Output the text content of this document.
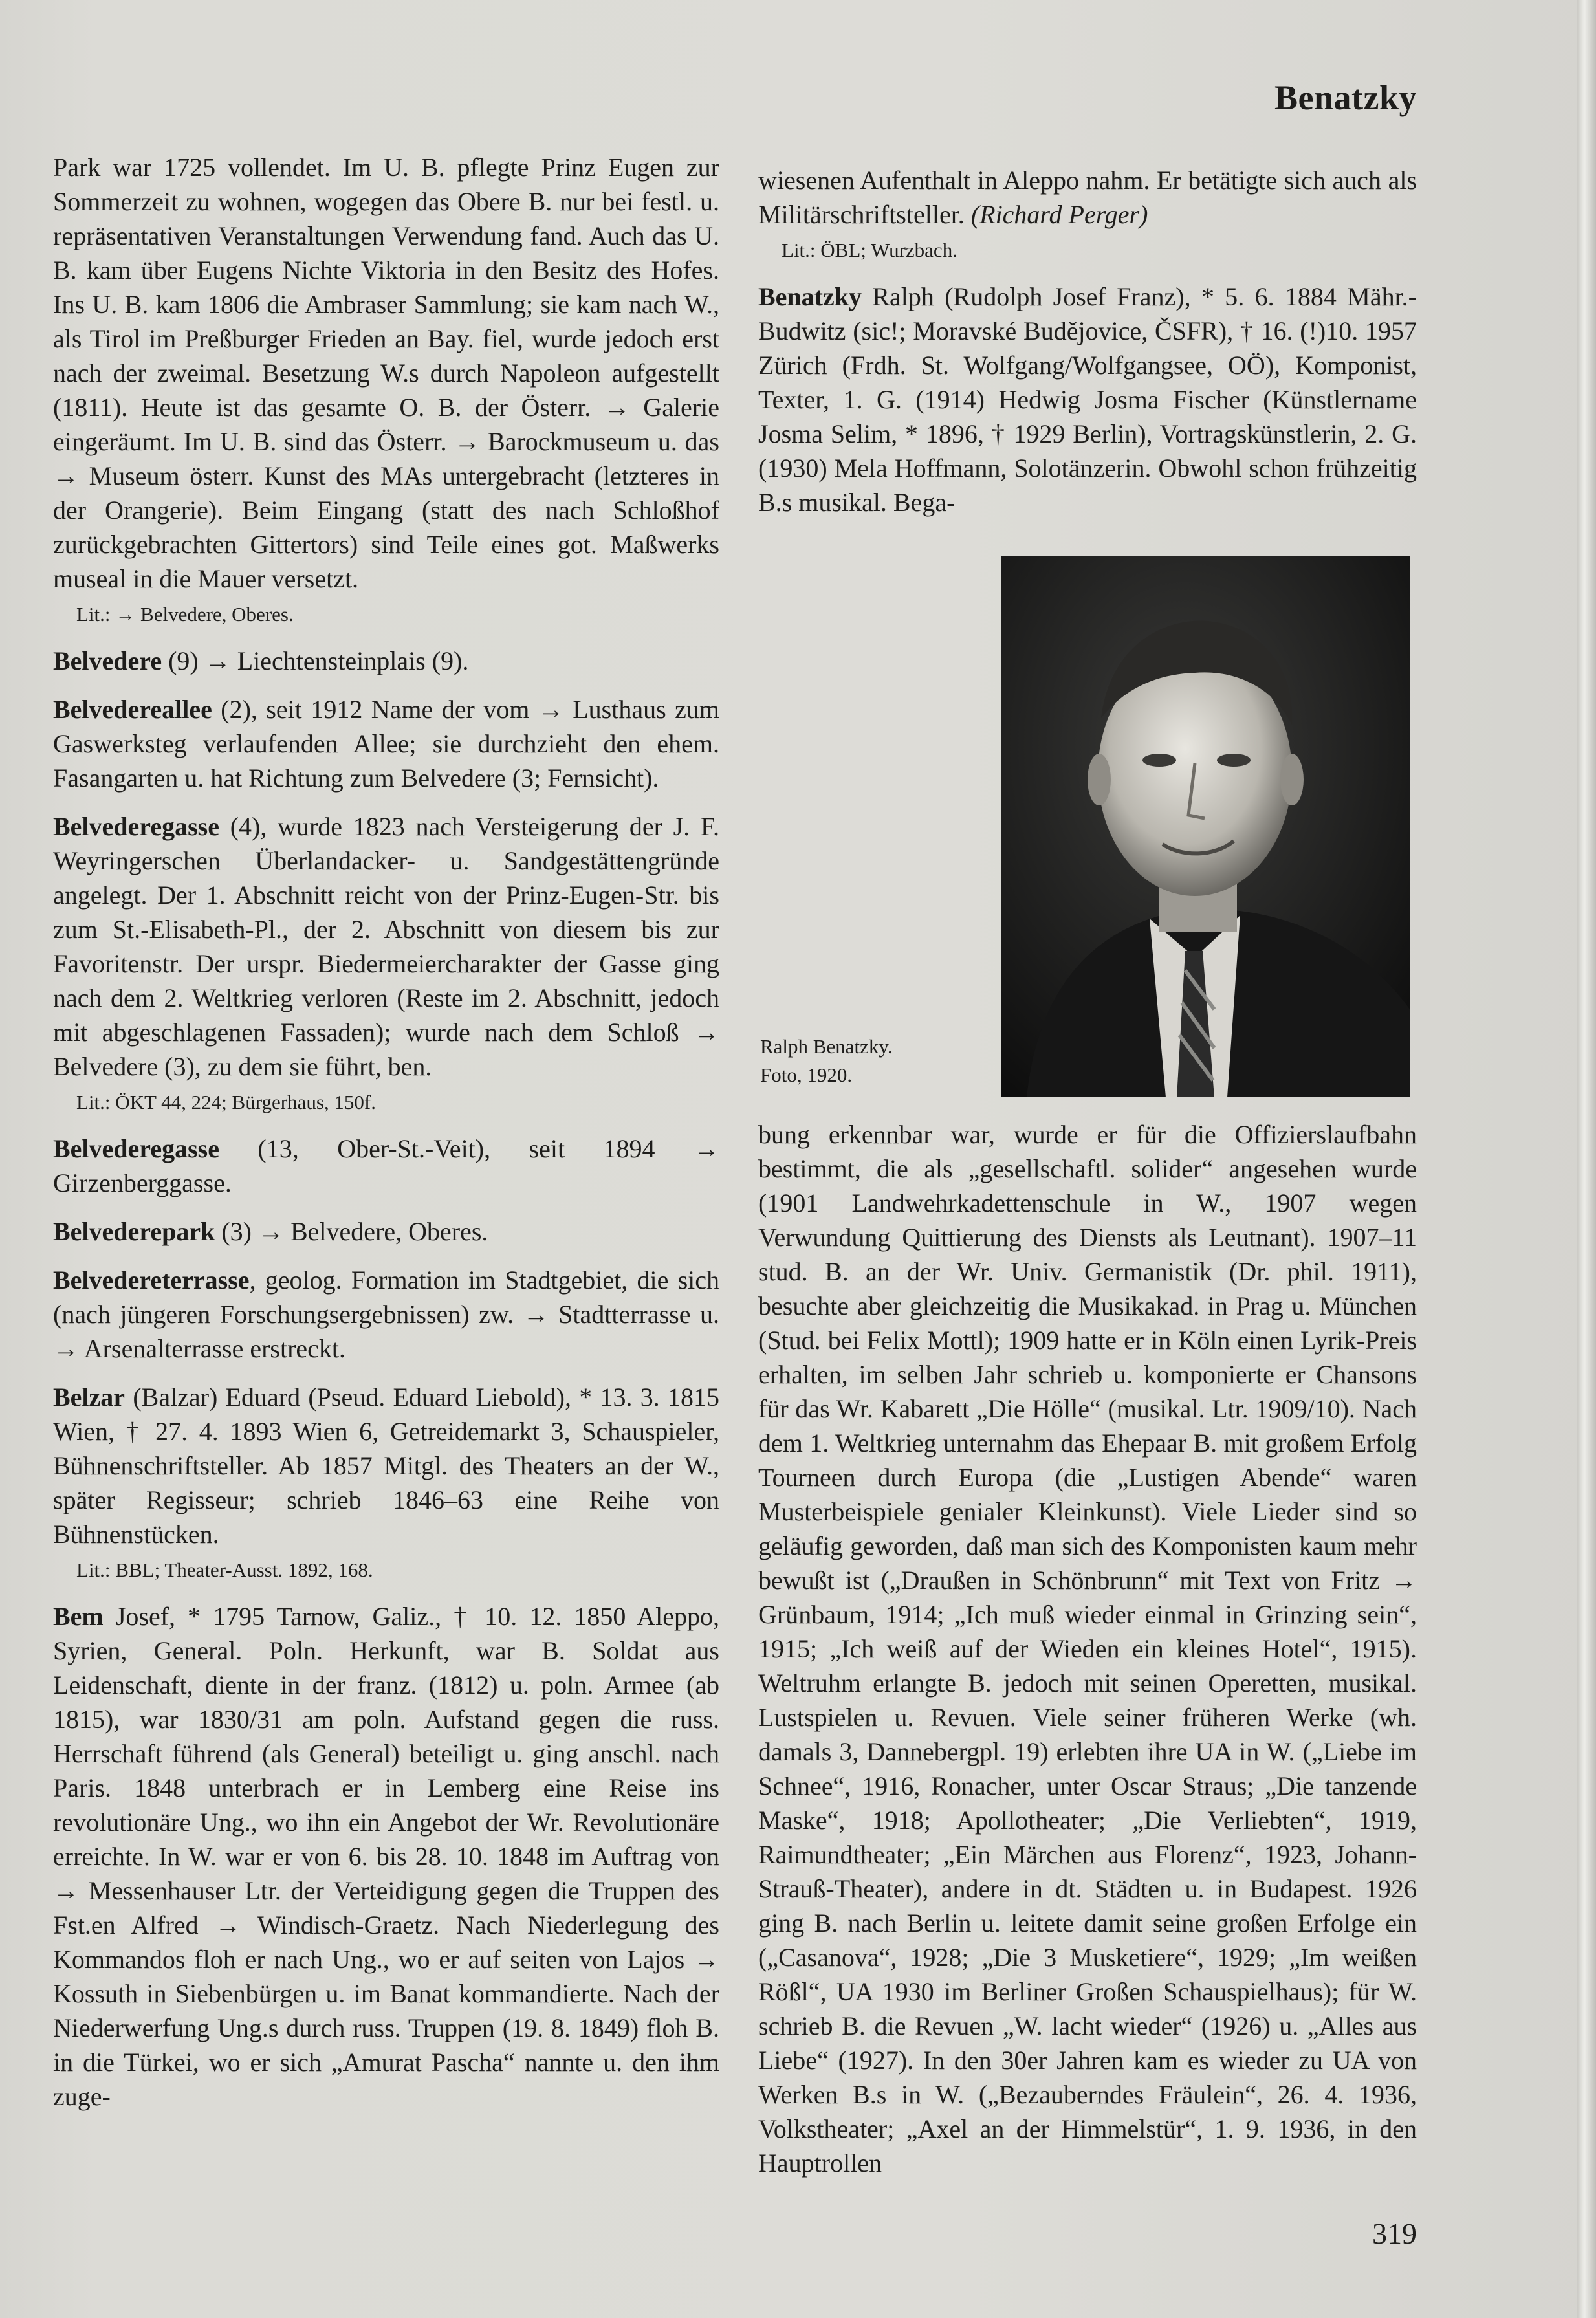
Benatzky

Park war 1725 vollendet. Im U. B. pflegte Prinz Eugen zur Sommerzeit zu wohnen, wogegen das Obere B. nur bei festl. u. repräsentativen Veranstaltungen Verwendung fand. Auch das U. B. kam über Eugens Nichte Viktoria in den Besitz des Hofes. Ins U. B. kam 1806 die Ambraser Sammlung; sie kam nach W., als Tirol im Preßburger Frieden an Bay. fiel, wurde jedoch erst nach der zweimal. Besetzung W.s durch Napoleon aufgestellt (1811). Heute ist das gesamte O. B. der Österr. → Galerie eingeräumt. Im U. B. sind das Österr. → Barockmuseum u. das → Museum österr. Kunst des MAs untergebracht (letzteres in der Orangerie). Beim Eingang (statt des nach Schloßhof zurückgebrachten Gittertors) sind Teile eines got. Maßwerks museal in die Mauer versetzt.

Lit.: → Belvedere, Oberes.

Belvedere (9) → Liechtensteinplais (9).

Belvedereallee (2), seit 1912 Name der vom → Lusthaus zum Gaswerksteg verlaufenden Allee; sie durchzieht den ehem. Fasangarten u. hat Richtung zum Belvedere (3; Fernsicht).

Belvederegasse (4), wurde 1823 nach Versteigerung der J. F. Weyringerschen Überlandacker- u. Sandgestättengründe angelegt. Der 1. Abschnitt reicht von der Prinz-Eugen-Str. bis zum St.-Elisabeth-Pl., der 2. Abschnitt von diesem bis zur Favoritenstr. Der urspr. Biedermeiercharakter der Gasse ging nach dem 2. Weltkrieg verloren (Reste im 2. Abschnitt, jedoch mit abgeschlagenen Fassaden); wurde nach dem Schloß → Belvedere (3), zu dem sie führt, ben.

Lit.: ÖKT 44, 224; Bürgerhaus, 150f.

Belvederegasse (13, Ober-St.-Veit), seit 1894 → Girzenberggasse.

Belvederepark (3) → Belvedere, Oberes.

Belvedereterrasse, geolog. Formation im Stadtgebiet, die sich (nach jüngeren Forschungsergebnissen) zw. → Stadtterrasse u. → Arsenalterrasse erstreckt.

Belzar (Balzar) Eduard (Pseud. Eduard Liebold), * 13. 3. 1815 Wien, † 27. 4. 1893 Wien 6, Getreidemarkt 3, Schauspieler, Bühnenschriftsteller. Ab 1857 Mitgl. des Theaters an der W., später Regisseur; schrieb 1846–63 eine Reihe von Bühnenstücken.

Lit.: BBL; Theater-Ausst. 1892, 168.

Bem Josef, * 1795 Tarnow, Galiz., † 10. 12. 1850 Aleppo, Syrien, General. Poln. Herkunft, war B. Soldat aus Leidenschaft, diente in der franz. (1812) u. poln. Armee (ab 1815), war 1830/31 am poln. Aufstand gegen die russ. Herrschaft führend (als General) beteiligt u. ging anschl. nach Paris. 1848 unterbrach er in Lemberg eine Reise ins revolutionäre Ung., wo ihn ein Angebot der Wr. Revolutionäre erreichte. In W. war er von 6. bis 28. 10. 1848 im Auftrag von → Messenhauser Ltr. der Verteidigung gegen die Truppen des Fst.en Alfred → Windisch-Graetz. Nach Niederlegung des Kommandos floh er nach Ung., wo er auf seiten von Lajos → Kossuth in Siebenbürgen u. im Banat kommandierte. Nach der Niederwerfung Ung.s durch russ. Truppen (19. 8. 1849) floh B. in die Türkei, wo er sich „Amurat Pascha“ nannte u. den ihm zuge-

wiesenen Aufenthalt in Aleppo nahm. Er betätigte sich auch als Militärschriftsteller. (Richard Perger)

Lit.: ÖBL; Wurzbach.

Benatzky Ralph (Rudolph Josef Franz), * 5. 6. 1884 Mähr.-Budwitz (sic!; Moravské Budějovice, ČSFR), † 16. (!)10. 1957 Zürich (Frdh. St. Wolfgang/Wolfgangsee, OÖ), Komponist, Texter, 1. G. (1914) Hedwig Josma Fischer (Künstlername Josma Selim, * 1896, † 1929 Berlin), Vortragskünstlerin, 2. G. (1930) Mela Hoffmann, Solotänzerin. Obwohl schon frühzeitig B.s musikal. Bega-

Ralph Benatzky.
Foto, 1920.

bung erkennbar war, wurde er für die Offizierslaufbahn bestimmt, die als „gesellschaftl. solider“ angesehen wurde (1901 Landwehrkadettenschule in W., 1907 wegen Verwundung Quittierung des Diensts als Leutnant). 1907–11 stud. B. an der Wr. Univ. Germanistik (Dr. phil. 1911), besuchte aber gleichzeitig die Musikakad. in Prag u. München (Stud. bei Felix Mottl); 1909 hatte er in Köln einen Lyrik-Preis erhalten, im selben Jahr schrieb u. komponierte er Chansons für das Wr. Kabarett „Die Hölle“ (musikal. Ltr. 1909/10). Nach dem 1. Weltkrieg unternahm das Ehepaar B. mit großem Erfolg Tourneen durch Europa (die „Lustigen Abende“ waren Musterbeispiele genialer Kleinkunst). Viele Lieder sind so geläufig geworden, daß man sich des Komponisten kaum mehr bewußt ist („Draußen in Schönbrunn“ mit Text von Fritz → Grünbaum, 1914; „Ich muß wieder einmal in Grinzing sein“, 1915; „Ich weiß auf der Wieden ein kleines Hotel“, 1915). Weltruhm erlangte B. jedoch mit seinen Operetten, musikal. Lustspielen u. Revuen. Viele seiner früheren Werke (wh. damals 3, Dannebergpl. 19) erlebten ihre UA in W. („Liebe im Schnee“, 1916, Ronacher, unter Oscar Straus; „Die tanzende Maske“, 1918; Apollotheater; „Die Verliebten“, 1919, Raimundtheater; „Ein Märchen aus Florenz“, 1923, Johann-Strauß-Theater), andere in dt. Städten u. in Budapest. 1926 ging B. nach Berlin u. leitete damit seine großen Erfolge ein („Casanova“, 1928; „Die 3 Musketiere“, 1929; „Im weißen Rößl“, UA 1930 im Berliner Großen Schauspielhaus); für W. schrieb B. die Revuen „W. lacht wieder“ (1926) u. „Alles aus Liebe“ (1927). In den 30er Jahren kam es wieder zu UA von Werken B.s in W. („Bezauberndes Fräulein“, 26. 4. 1936, Volkstheater; „Axel an der Himmelstür“, 1. 9. 1936, in den Hauptrollen

319
